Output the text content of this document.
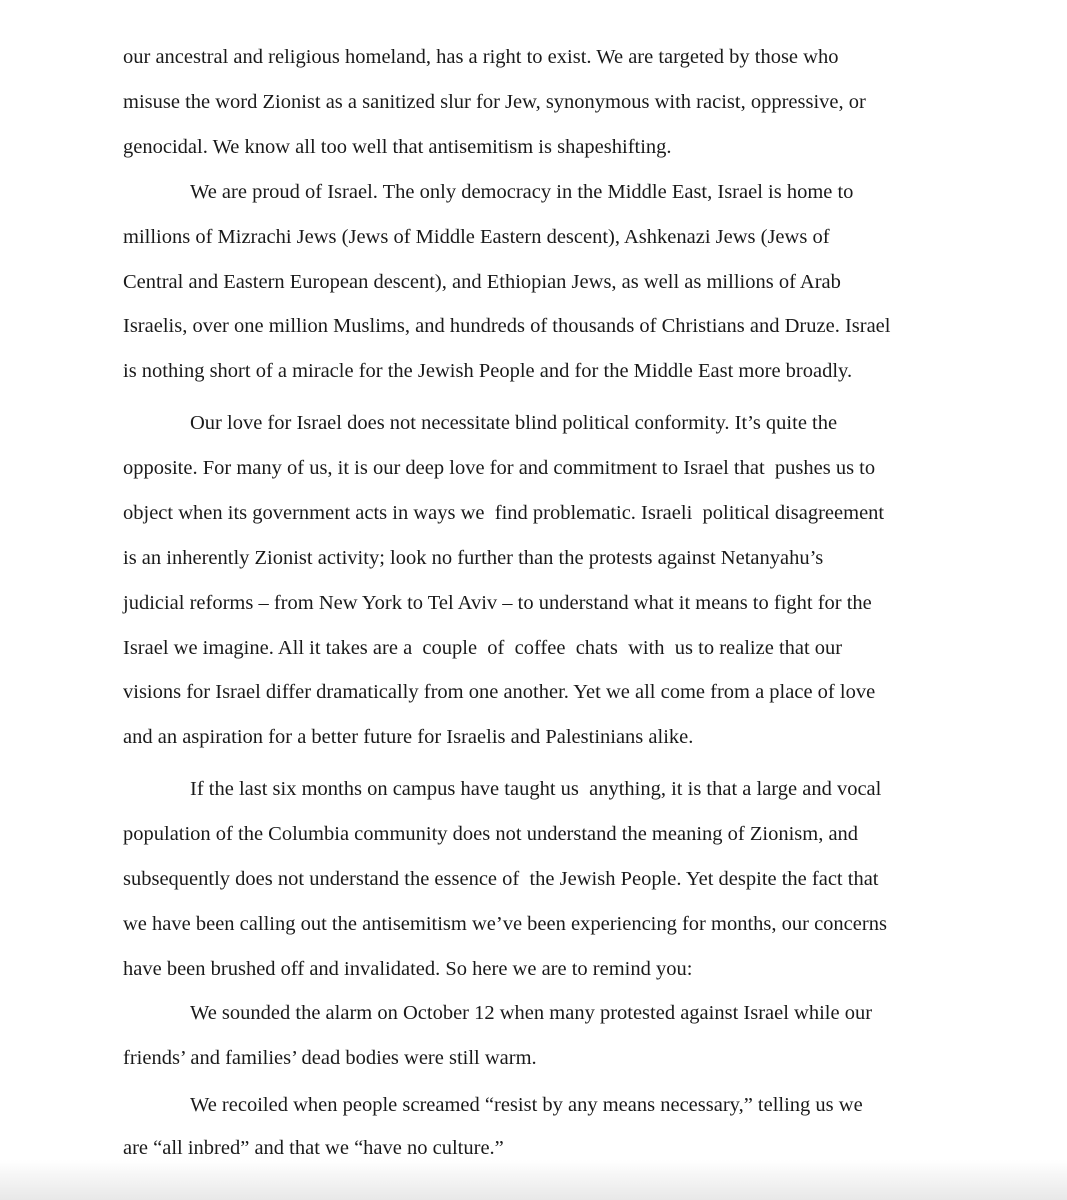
our ancestral and religious homeland, has a right to exist. We are targeted by those who
misuse the word Zionist as a sanitized slur for Jew, synonymous with racist, oppressive, or
genocidal. We know all too well that antisemitism is shapeshifting.
We are proud of Israel. The only democracy in the Middle East, Israel is home to
millions of Mizrachi Jews (Jews of Middle Eastern descent), Ashkenazi Jews (Jews of
Central and Eastern European descent), and Ethiopian Jews, as well as millions of Arab
Israelis, over one million Muslims, and hundreds of thousands of Christians and Druze. Israel
is nothing short of a miracle for the Jewish People and for the Middle East more broadly.
Our love for Israel does not necessitate blind political conformity. It’s quite the
opposite. For many of us, it is our deep love for and commitment to Israel that  pushes us to
object when its government acts in ways we  find problematic. Israeli  political disagreement
is an inherently Zionist activity; look no further than the protests against Netanyahu’s
judicial reforms – from New York to Tel Aviv – to understand what it means to fight for the
Israel we imagine. All it takes are a  couple  of  coffee  chats  with  us to realize that our
visions for Israel differ dramatically from one another. Yet we all come from a place of love
and an aspiration for a better future for Israelis and Palestinians alike.
If the last six months on campus have taught us  anything, it is that a large and vocal
population of the Columbia community does not understand the meaning of Zionism, and
subsequently does not understand the essence of  the Jewish People. Yet despite the fact that
we have been calling out the antisemitism we’ve been experiencing for months, our concerns
have been brushed off and invalidated. So here we are to remind you:
We sounded the alarm on October 12 when many protested against Israel while our
friends’ and families’ dead bodies were still warm.
We recoiled when people screamed “resist by any means necessary,” telling us we
are “all inbred” and that we “have no culture.”
